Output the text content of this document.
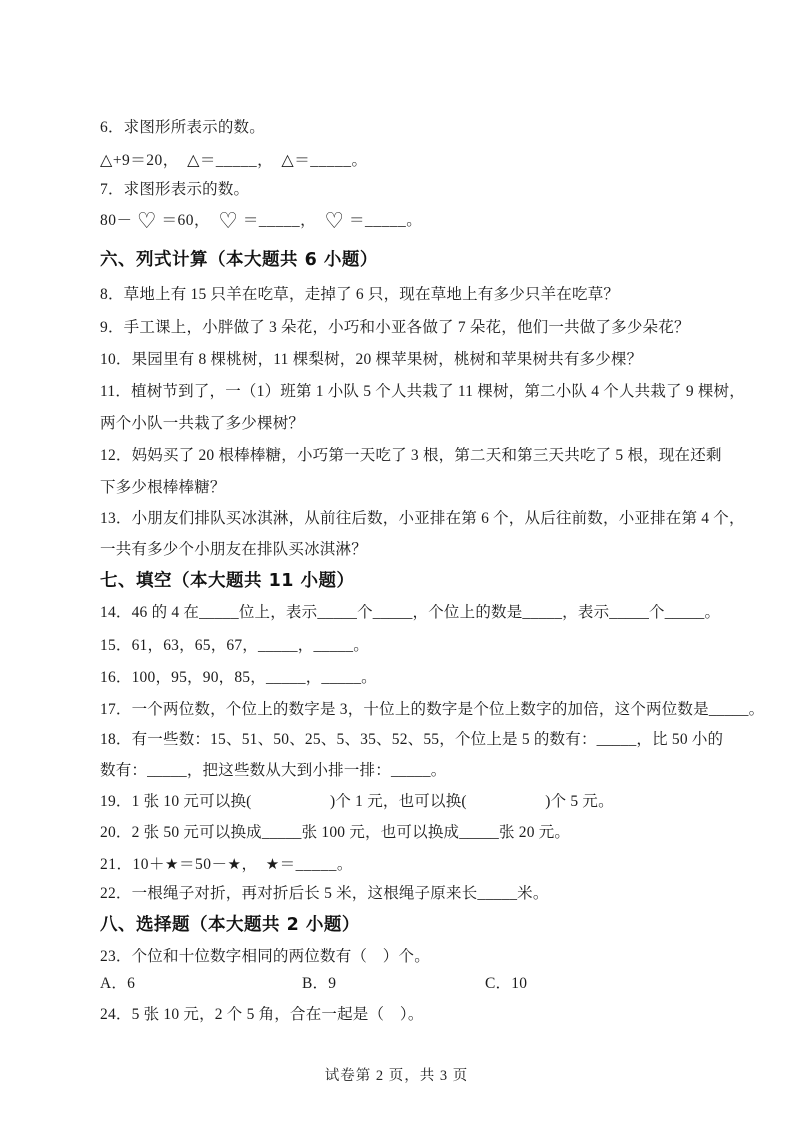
6．求图形所表示的数。

△+9＝20，　△＝_____，　△＝_____。

7．求图形表示的数。

80－ ♡ ＝60，　♡ ＝_____，　♡ ＝_____。

六、列式计算（本大题共 6 小题）

8．草地上有 15 只羊在吃草，走掉了 6 只，现在草地上有多少只羊在吃草？

9．手工课上，小胖做了 3 朵花，小巧和小亚各做了 7 朵花，他们一共做了多少朵花？

10．果园里有 8 棵桃树，11 棵梨树，20 棵苹果树，桃树和苹果树共有多少棵？

11．植树节到了，一（1）班第 1 小队 5 个人共栽了 11 棵树，第二小队 4 个人共栽了 9 棵树，

两个小队一共栽了多少棵树？

12．妈妈买了 20 根棒棒糖，小巧第一天吃了 3 根，第二天和第三天共吃了 5 根，现在还剩

下多少根棒棒糖？

13．小朋友们排队买冰淇淋，从前往后数，小亚排在第 6 个，从后往前数，小亚排在第 4 个，

一共有多少个小朋友在排队买冰淇淋？

七、填空（本大题共 11 小题）

14．46 的 4 在_____位上，表示_____个_____，个位上的数是_____，表示_____个_____。

15．61，63，65，67，_____，_____。

16．100，95，90，85，_____，_____。

17．一个两位数，个位上的数字是 3，十位上的数字是个位上数字的加倍，这个两位数是_____。

18．有一些数：15、51、50、25、5、35、52、55，个位上是 5 的数有：_____，比 50 小的

数有：_____，把这些数从大到小排一排：_____。

19．1 张 10 元可以换(　　　　　)个 1 元，也可以换(　　　　　)个 5 元。

20．2 张 50 元可以换成_____张 100 元，也可以换成_____张 20 元。

21．10＋★＝50－★，　★＝_____。

22．一根绳子对折，再对折后长 5 米，这根绳子原来长_____米。

八、选择题（本大题共 2 小题）

23．个位和十位数字相同的两位数有（　）个。

A．6	B．9	C．10

24．5 张 10 元，2 个 5 角，合在一起是（　）。

试卷第 2 页，共 3 页
